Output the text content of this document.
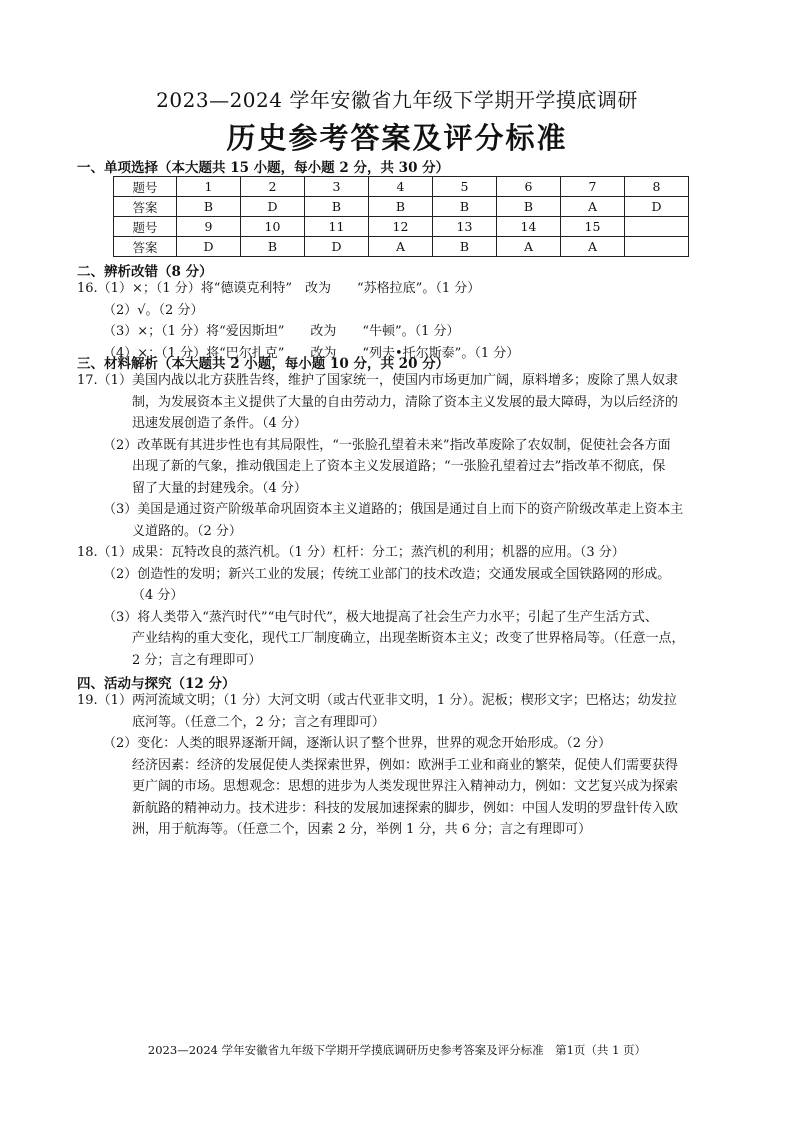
2023—2024 学年安徽省九年级下学期开学摸底调研
历史参考答案及评分标准
一、单项选择（本大题共 15 小题，每小题 2 分，共 30 分）
题号	1	2	3	4	5	6	7	8
答案	B	D	B	B	B	B	A	D
题号	9	10	11	12	13	14	15	
答案	D	B	D	A	B	A	A	
二、辨析改错（8 分）
16.（1）×；（1 分）将“德谟克利特”　改为　　“苏格拉底”。（1 分）
（2）√。（2 分）
（3）×；（1 分）将“爱因斯坦”　　改为　　“牛顿”。（1 分）
（4）×；（1 分）将“巴尔扎克”　　改为　　“列夫•托尔斯泰”。（1 分）
三、材料解析（本大题共 2 小题，每小题 10 分，共 20 分）
17.（1）美国内战以北方获胜告终，维护了国家统一，使国内市场更加广阔，原料增多；废除了黑人奴隶
制，为发展资本主义提供了大量的自由劳动力，清除了资本主义发展的最大障碍，为以后经济的
迅速发展创造了条件。（4 分）
（2）改革既有其进步性也有其局限性，“一张脸孔望着未来”指改革废除了农奴制，促使社会各方面
出现了新的气象，推动俄国走上了资本主义发展道路；“一张脸孔望着过去”指改革不彻底，保
留了大量的封建残余。（4 分）
（3）美国是通过资产阶级革命巩固资本主义道路的；俄国是通过自上而下的资产阶级改革走上资本主
义道路的。（2 分）
18.（1）成果：瓦特改良的蒸汽机。（1 分）杠杆：分工；蒸汽机的利用；机器的应用。（3 分）
（2）创造性的发明；新兴工业的发展；传统工业部门的技术改造；交通发展或全国铁路网的形成。
（4 分）
（3）将人类带入“蒸汽时代”“电气时代”，极大地提高了社会生产力水平；引起了生产生活方式、
产业结构的重大变化，现代工厂制度确立，出现垄断资本主义；改变了世界格局等。（任意一点，
2 分；言之有理即可）
四、活动与探究（12 分）
19.（1）两河流域文明；（1 分）大河文明（或古代亚非文明，1 分）。泥板；楔形文字；巴格达；幼发拉
底河等。（任意二个，2 分；言之有理即可）
（2）变化：人类的眼界逐渐开阔，逐渐认识了整个世界，世界的观念开始形成。（2 分）
经济因素：经济的发展促使人类探索世界，例如：欧洲手工业和商业的繁荣，促使人们需要获得
更广阔的市场。思想观念：思想的进步为人类发现世界注入精神动力，例如：文艺复兴成为探索
新航路的精神动力。技术进步：科技的发展加速探索的脚步，例如：中国人发明的罗盘针传入欧
洲，用于航海等。（任意二个，因素 2 分，举例 1 分，共 6 分；言之有理即可）
2023—2024 学年安徽省九年级下学期开学摸底调研历史参考答案及评分标准　第1页（共 1 页）
